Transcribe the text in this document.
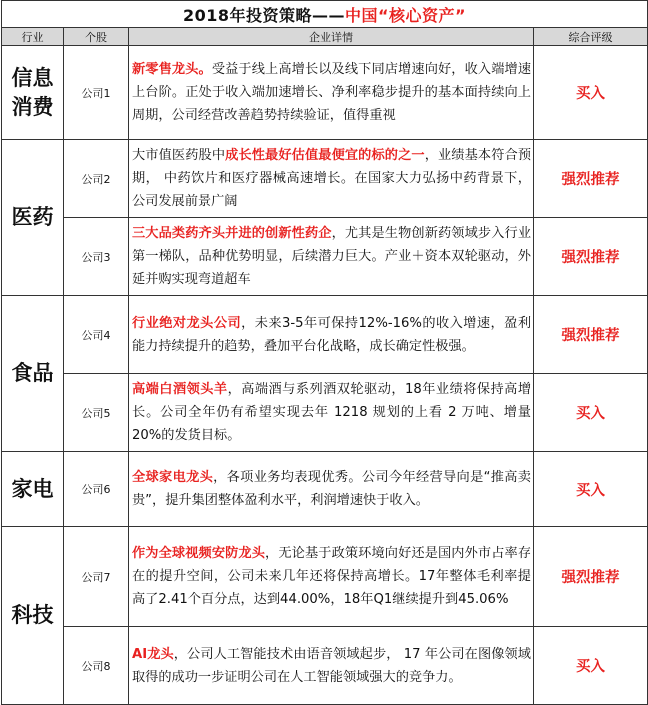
2018年投资策略——中国“核心资产”			
行业	个股	企业详情	综合评级
信息消费	公司1	新零售龙头。受益于线上高增长以及线下同店增速向好，收入端增速上台阶。正处于收入端加速增长、净利率稳步提升的基本面持续向上周期，公司经营改善趋势持续验证，值得重视	买入
医药	公司2	大市值医药股中成长性最好估值最便宜的标的之一，业绩基本符合预期， 中药饮片和医疗器械高速增长。在国家大力弘扬中药背景下，公司发展前景广阔	强烈推荐
	公司3	三大品类药齐头并进的创新性药企，尤其是生物创新药领域步入行业第一梯队，品种优势明显，后续潜力巨大。产业＋资本双轮驱动，外延并购实现弯道超车	强烈推荐
食品	公司4	行业绝对龙头公司，未来3-5年可保持12%-16%的收入增速，盈利能力持续提升的趋势，叠加平台化战略，成长确定性极强。	强烈推荐
	公司5	高端白酒领头羊，高端酒与系列酒双轮驱动，18年业绩将保持高增长。公司全年仍有希望实现去年 1218 规划的上看 2 万吨、增量 20%的发货目标。	买入
家电	公司6	全球家电龙头，各项业务均表现优秀。公司今年经营导向是“推高卖贵”，提升集团整体盈利水平，利润增速快于收入。	买入
科技	公司7	作为全球视频安防龙头，无论基于政策环境向好还是国内外市占率存在的提升空间，公司未来几年还将保持高增长。17年整体毛利率提高了2.41个百分点，达到44.00%，18年Q1继续提升到45.06%	强烈推荐
	公司8	AI龙头，公司人工智能技术由语音领域起步， 17 年公司在图像领域取得的成功一步证明公司在人工智能领域强大的竞争力。	买入
